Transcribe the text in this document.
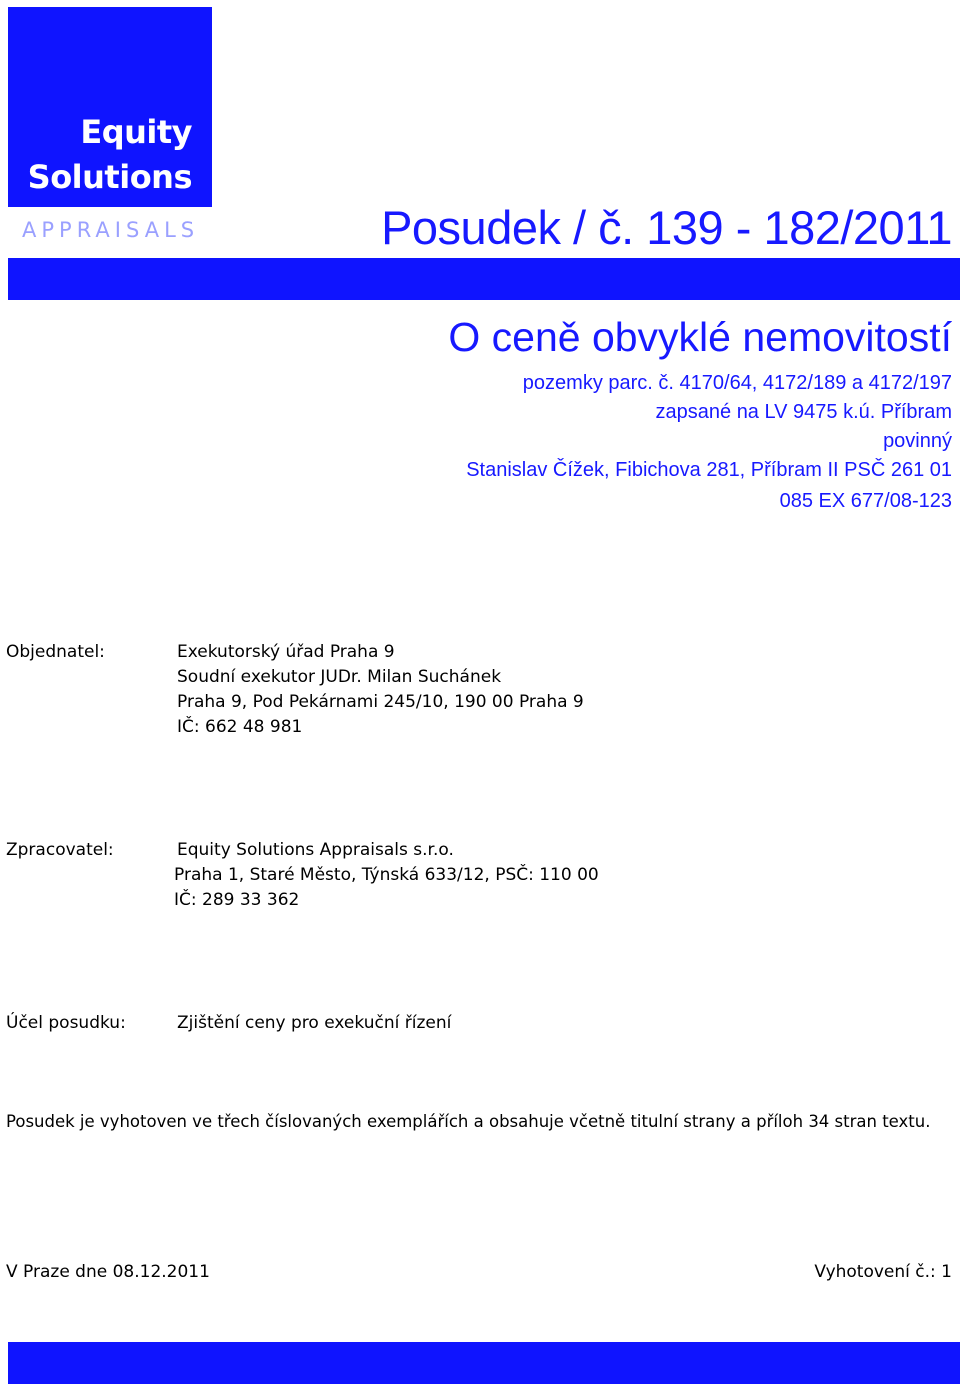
Equity
Solutions
APPRAISALS	Posudek / č. 139 - 182/2011
O ceně obvyklé nemovitostí
pozemky parc. č. 4170/64, 4172/189 a 4172/197
zapsané na LV 9475 k.ú. Příbram
povinný
Stanislav Čížek, Fibichova 281, Příbram II PSČ 261 01
085 EX 677/08-123
Objednatel:	Exekutorský úřad Praha 9
Soudní exekutor JUDr. Milan Suchánek
Praha 9, Pod Pekárnami 245/10, 190 00 Praha 9
IČ: 662 48 981
Zpracovatel:	Equity Solutions Appraisals s.r.o.
Praha 1, Staré Město, Týnská 633/12, PSČ: 110 00
IČ: 289 33 362
Účel posudku:	Zjištění ceny pro exekuční řízení
Posudek je vyhotoven ve třech číslovaných exemplářích a obsahuje včetně titulní strany a příloh 34 stran textu.
V Praze dne 08.12.2011	Vyhotovení č.: 1
